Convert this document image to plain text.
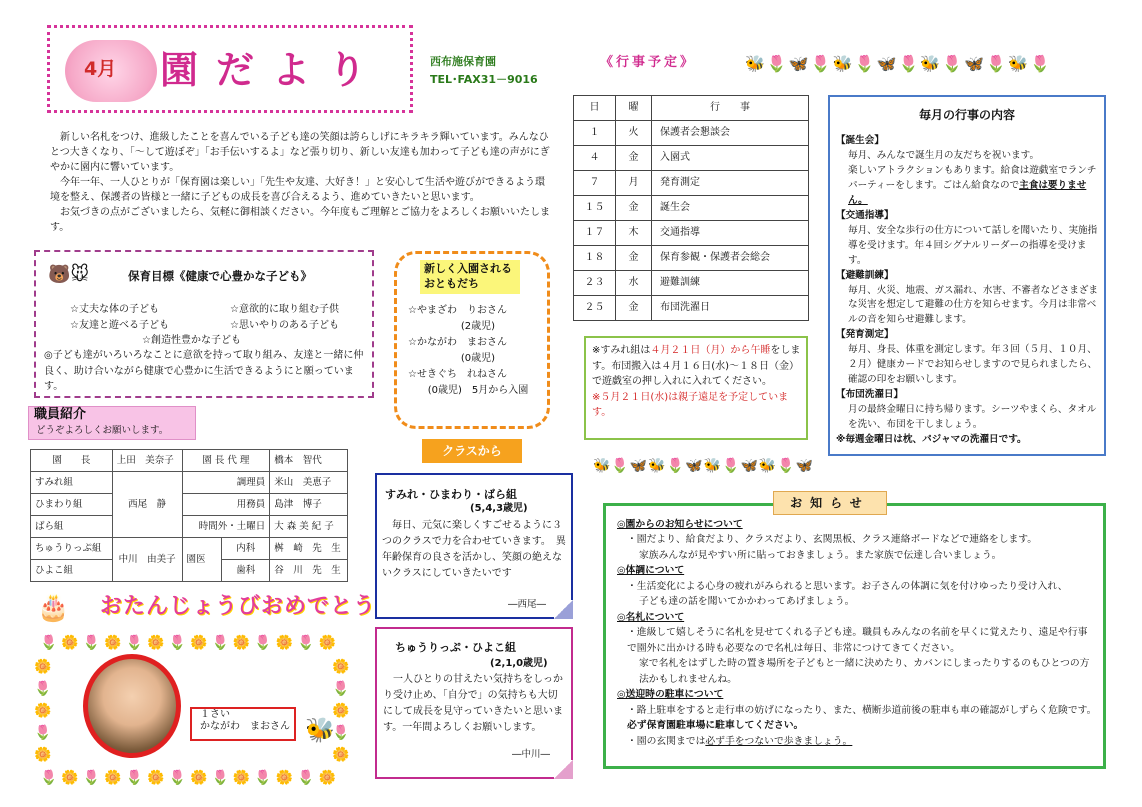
4月 園だより	西布施保育園
TEL･FAX31－9016
《行事予定》	🐝🌷🦋🌷🐝🌷🦋🌷🐝🌷🦋🌷🐝🌷

新しい名札をつけ、進級したことを喜んでいる子ども達の笑顔は誇らしげにキラキラ輝いています。みんなひとつ大きくなり、「～して遊ぼぞ」「お手伝いするよ」など張り切り、新しい友達も加わって子ども達の声がにぎやかに園内に響いています。

今年一年、一人ひとりが「保育園は楽しい」「先生や友達、大好き！」と安心して生活や遊びができるよう環境を整え、保護者の皆様と一緒に子どもの成長を喜び合えるよう、進めていきたいと思います。

お気づきの点がございましたら、気軽に御相談ください。今年度もご理解とご協力をよろしくお願いいたします。

🐻🐭	保育目標《健康で心豊かな子ども》
☆丈夫な体の子ども	☆意欲的に取り組む子供
☆友達と遊べる子ども	☆思いやりのある子ども
☆創造性豊かな子ども
◎子ども達がいろいろなことに意欲を持って取り組み、友達と一緒に仲良く、助け合いながら健康で心豊かに生活できるようにと願っています。
新しく入園される おともだち
☆やまざわ　りおさん
(2歳児)
☆かながわ　まおさん
(0歳児)
☆せきぐち　れねさん
(0歳児)　5月から入園
職員紹介
どうぞよろしくお願いします。
園　　長	上田　美奈子	園 長 代 理		橋本　智代
すみれ組	西尾　静	調理員		米山　美恵子
ひまわり組		用務員		島津　博子
ばら組		時間外・土曜日		大 森 美 紀 子
ちゅうりっぷ組	中川　由美子	園医	内科	桝　崎　先　生
ひよこ組			歯科	谷　川　先　生
🎂 おたんじょうびおめでとう
🌷🌼🌷🌼🌷🌼🌷🌼🌷🌼🌷🌼🌷🌼
🌷🌼🌷🌼🌷🌼🌷🌼🌷🌼🌷🌼🌷🌼
🌼🌷🌼🌷🌼
🌼🌷🌼🌷🌼
１さい
かながわ　まおさん 🐝
クラスから
すみれ・ひまわり・ばら組
(5,4,3歳児)
毎日、元気に楽しくすごせるように３つのクラスで力を合わせていきます。　異年齢保育の良さを活かし、笑顔の絶えないクラスにしていきたいです
―西尾―
ちゅうりっぷ・ひよこ組
(2,1,0歳児)
一人ひとりの甘えたい気持ちをしっかり受け止め、「自分で」の気持ちも大切にして成長を見守っていきたいと思います。一年間よろしくお願いします。
―中川―
日	曜	行　　事
１	火	保護者会懇談会
４	金	入園式
７	月	発育測定
１５	金	誕生会
１７	木	交通指導
１８	金	保育参観・保護者会総会
２３	水	避難訓練
２５	金	布団洗濯日
※すみれ組は４月２１日（月）から午睡をします。布団搬入は４月１６日(水)～１８日（金）で遊戯室の押し入れに入れてください。
※５月２１日(水)は親子遠足を予定しています。
毎月の行事の内容
【誕生会】
毎月、みんなで誕生月の友だちを祝います。
楽しいアトラクションもあります。給食は遊戯室でランチパーティーをします。ごはん給食なので主食は要りません。
【交通指導】
毎月、安全な歩行の仕方について話しを聞いたり、実施指導を受けます。年４回シグナルリーダーの指導を受けます。
【避難訓練】
毎月、火災、地震、ガス漏れ、水害、不審者などさまざまな災害を想定して避難の仕方を知らせます。今月は非常ベルの音を知らせ避難します。
【発育測定】
毎月、身長、体重を測定します。年３回（５月、１０月、２月）健康カードでお知らせしますので見られましたら、確認の印をお願いします。
【布団洗濯日】
月の最終金曜日に持ち帰ります。シーツやまくら、タオルを洗い、布団を干しましょう。
※毎週金曜日は枕、パジャマの洗濯日です。
🐝🌷🦋🐝🌷🦋🐝🌷🦋🐝🌷🦋
お知らせ
◎園からのお知らせについて
・園だより、給食だより、クラスだより、玄関黒板、クラス連絡ボードなどで連絡をします。
家族みんなが見やすい所に貼っておきましょう。また家族で伝達し合いましょう。
◎体調について
・生活変化による心身の疲れがみられると思います。お子さんの体調に気を付けゆったり受け入れ、
子ども達の話を聞いてかかわってあげましょう。
◎名札について
・進級して嬉しそうに名札を見せてくれる子ども達。職員もみんなの名前を早くに覚えたり、遠足や行事で園外に出かける時も必要なので名札は毎日、非常につけてきてください。
家で名札をはずした時の置き場所を子どもと一緒に決めたり、カバンにしまったりするのもひとつの方法かもしれませんね。
◎送迎時の駐車について
・路上駐車をすると走行車の妨げになったり、また、横断歩道前後の駐車も車の確認がしずらく危険です。必ず保育園駐車場に駐車してください。
・園の玄関までは必ず手をつないで歩きましょう。
